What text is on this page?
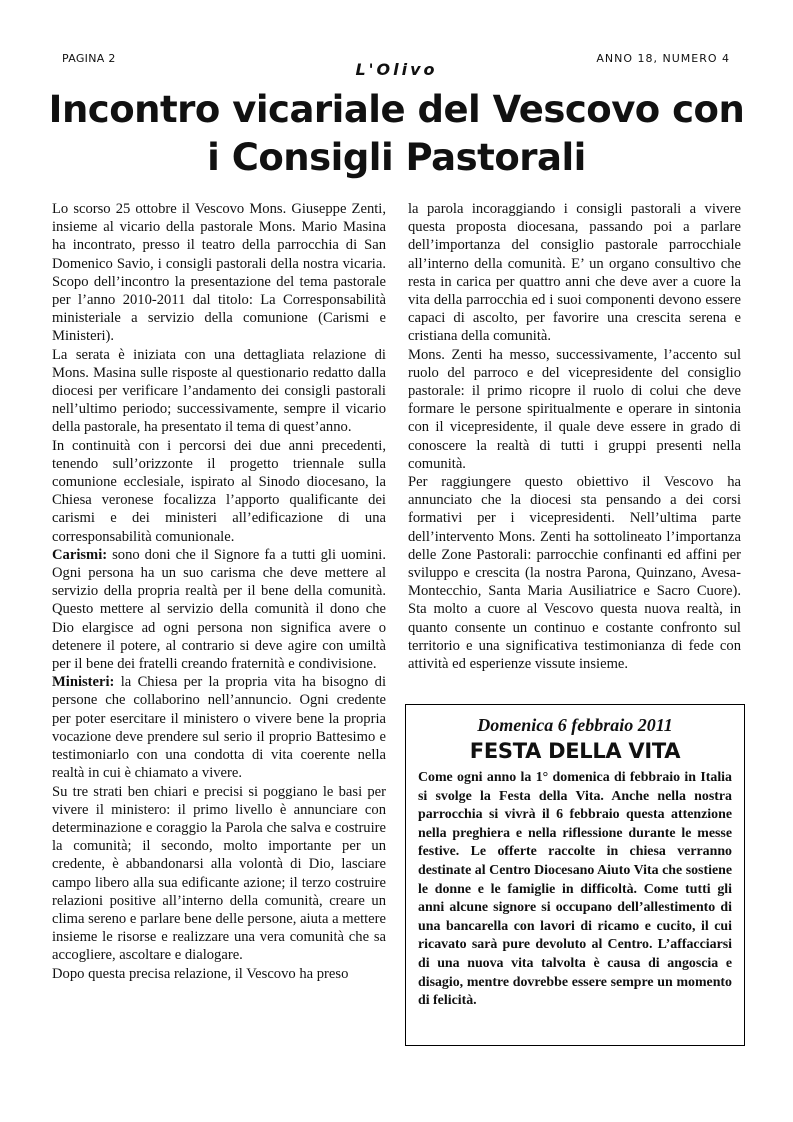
PAGINA 2
L'Olivo
ANNO 18, NUMERO 4
Incontro vicariale del Vescovo con i Consigli Pastorali

Lo scorso 25 ottobre il Vescovo Mons. Giuseppe Zenti, insieme al vicario della pastorale Mons. Mario Masina ha incontrato, presso il teatro della parrocchia di San Domenico Savio, i consigli pastorali della nostra vicaria. Scopo dell’incontro la presentazione del tema pastorale per l’anno 2010-2011 dal titolo: La Corresponsabilità ministeriale a servizio della comunione (Carismi e Ministeri).

La serata è iniziata con una dettagliata relazione di Mons. Masina sulle risposte al questionario redatto dalla diocesi per verificare l’andamento dei consigli pastorali nell’ultimo periodo; successivamente, sempre il vicario della pastorale, ha presentato il tema di quest’anno.

In continuità con i percorsi dei due anni precedenti, tenendo sull’orizzonte il progetto triennale sulla comunione ecclesiale, ispirato al Sinodo diocesano, la Chiesa veronese focalizza l’apporto qualificante dei carismi e dei ministeri all’edificazione di una corresponsabilità comunionale.

Carismi: sono doni che il Signore fa a tutti gli uomini. Ogni persona ha un suo carisma che deve mettere al servizio della propria realtà per il bene della comunità. Questo mettere al servizio della comunità il dono che Dio elargisce ad ogni persona non significa avere o detenere il potere, al contrario si deve agire con umiltà per il bene dei fratelli creando fraternità e condivisione.

Ministeri: la Chiesa per la propria vita ha bisogno di persone che collaborino nell’annuncio. Ogni credente per poter esercitare il ministero o vivere bene la propria vocazione deve prendere sul serio il proprio Battesimo e testimoniarlo con una condotta di vita coerente nella realtà in cui è chiamato a vivere.

Su tre strati ben chiari e precisi si poggiano le basi per vivere il ministero: il primo livello è annunciare con determinazione e coraggio la Parola che salva e costruire la comunità; il secondo, molto importante per un credente, è abbandonarsi alla volontà di Dio, lasciare campo libero alla sua edificante azione; il terzo costruire relazioni positive all’interno della comunità, creare un clima sereno e parlare bene delle persone, aiuta a mettere insieme le risorse e realizzare una vera comunità che sa accogliere, ascoltare e dialogare.

Dopo questa precisa relazione, il Vescovo ha preso

la parola incoraggiando i consigli pastorali a vivere questa proposta diocesana, passando poi a parlare dell’importanza del consiglio pastorale parrocchiale all’interno della comunità. E’ un organo consultivo che resta in carica per quattro anni che deve aver a cuore la vita della parrocchia ed i suoi componenti devono essere capaci di ascolto, per favorire una crescita serena e cristiana della comunità.

Mons. Zenti ha messo, successivamente, l’accento sul ruolo del parroco e del vicepresidente del consiglio pastorale: il primo ricopre il ruolo di colui che deve formare le persone spiritualmente e operare in sintonia con il vicepresidente, il quale deve essere in grado di conoscere la realtà di tutti i gruppi presenti nella comunità.

Per raggiungere questo obiettivo il Vescovo ha annunciato che la diocesi sta pensando a dei corsi formativi per i vicepresidenti. Nell’ultima parte dell’intervento Mons. Zenti ha sottolineato l’importanza delle Zone Pastorali: parrocchie confinanti ed affini per sviluppo e crescita (la nostra Parona, Quinzano, Avesa-Montecchio, Santa Maria Ausiliatrice e Sacro Cuore). Sta molto a cuore al Vescovo questa nuova realtà, in quanto consente un continuo e costante confronto sul territorio e una significativa testimonianza di fede con attività ed esperienze vissute insieme.

Domenica 6 febbraio 2011
FESTA DELLA VITA
Come ogni anno la 1° domenica di febbraio in Italia si svolge la Festa della Vita. Anche nella nostra parrocchia si vivrà il 6 febbraio questa attenzione nella preghiera e nella riflessione durante le messe festive. Le offerte raccolte in chiesa verranno destinate al Centro Diocesano Aiuto Vita che sostiene le donne e le famiglie in difficoltà. Come tutti gli anni alcune signore si occupano dell’allestimento di una bancarella con lavori di ricamo e cucito, il cui ricavato sarà pure devoluto al Centro. L’affacciarsi di una nuova vita talvolta è causa di angoscia e disagio, mentre dovrebbe essere sempre un momento di felicità.
